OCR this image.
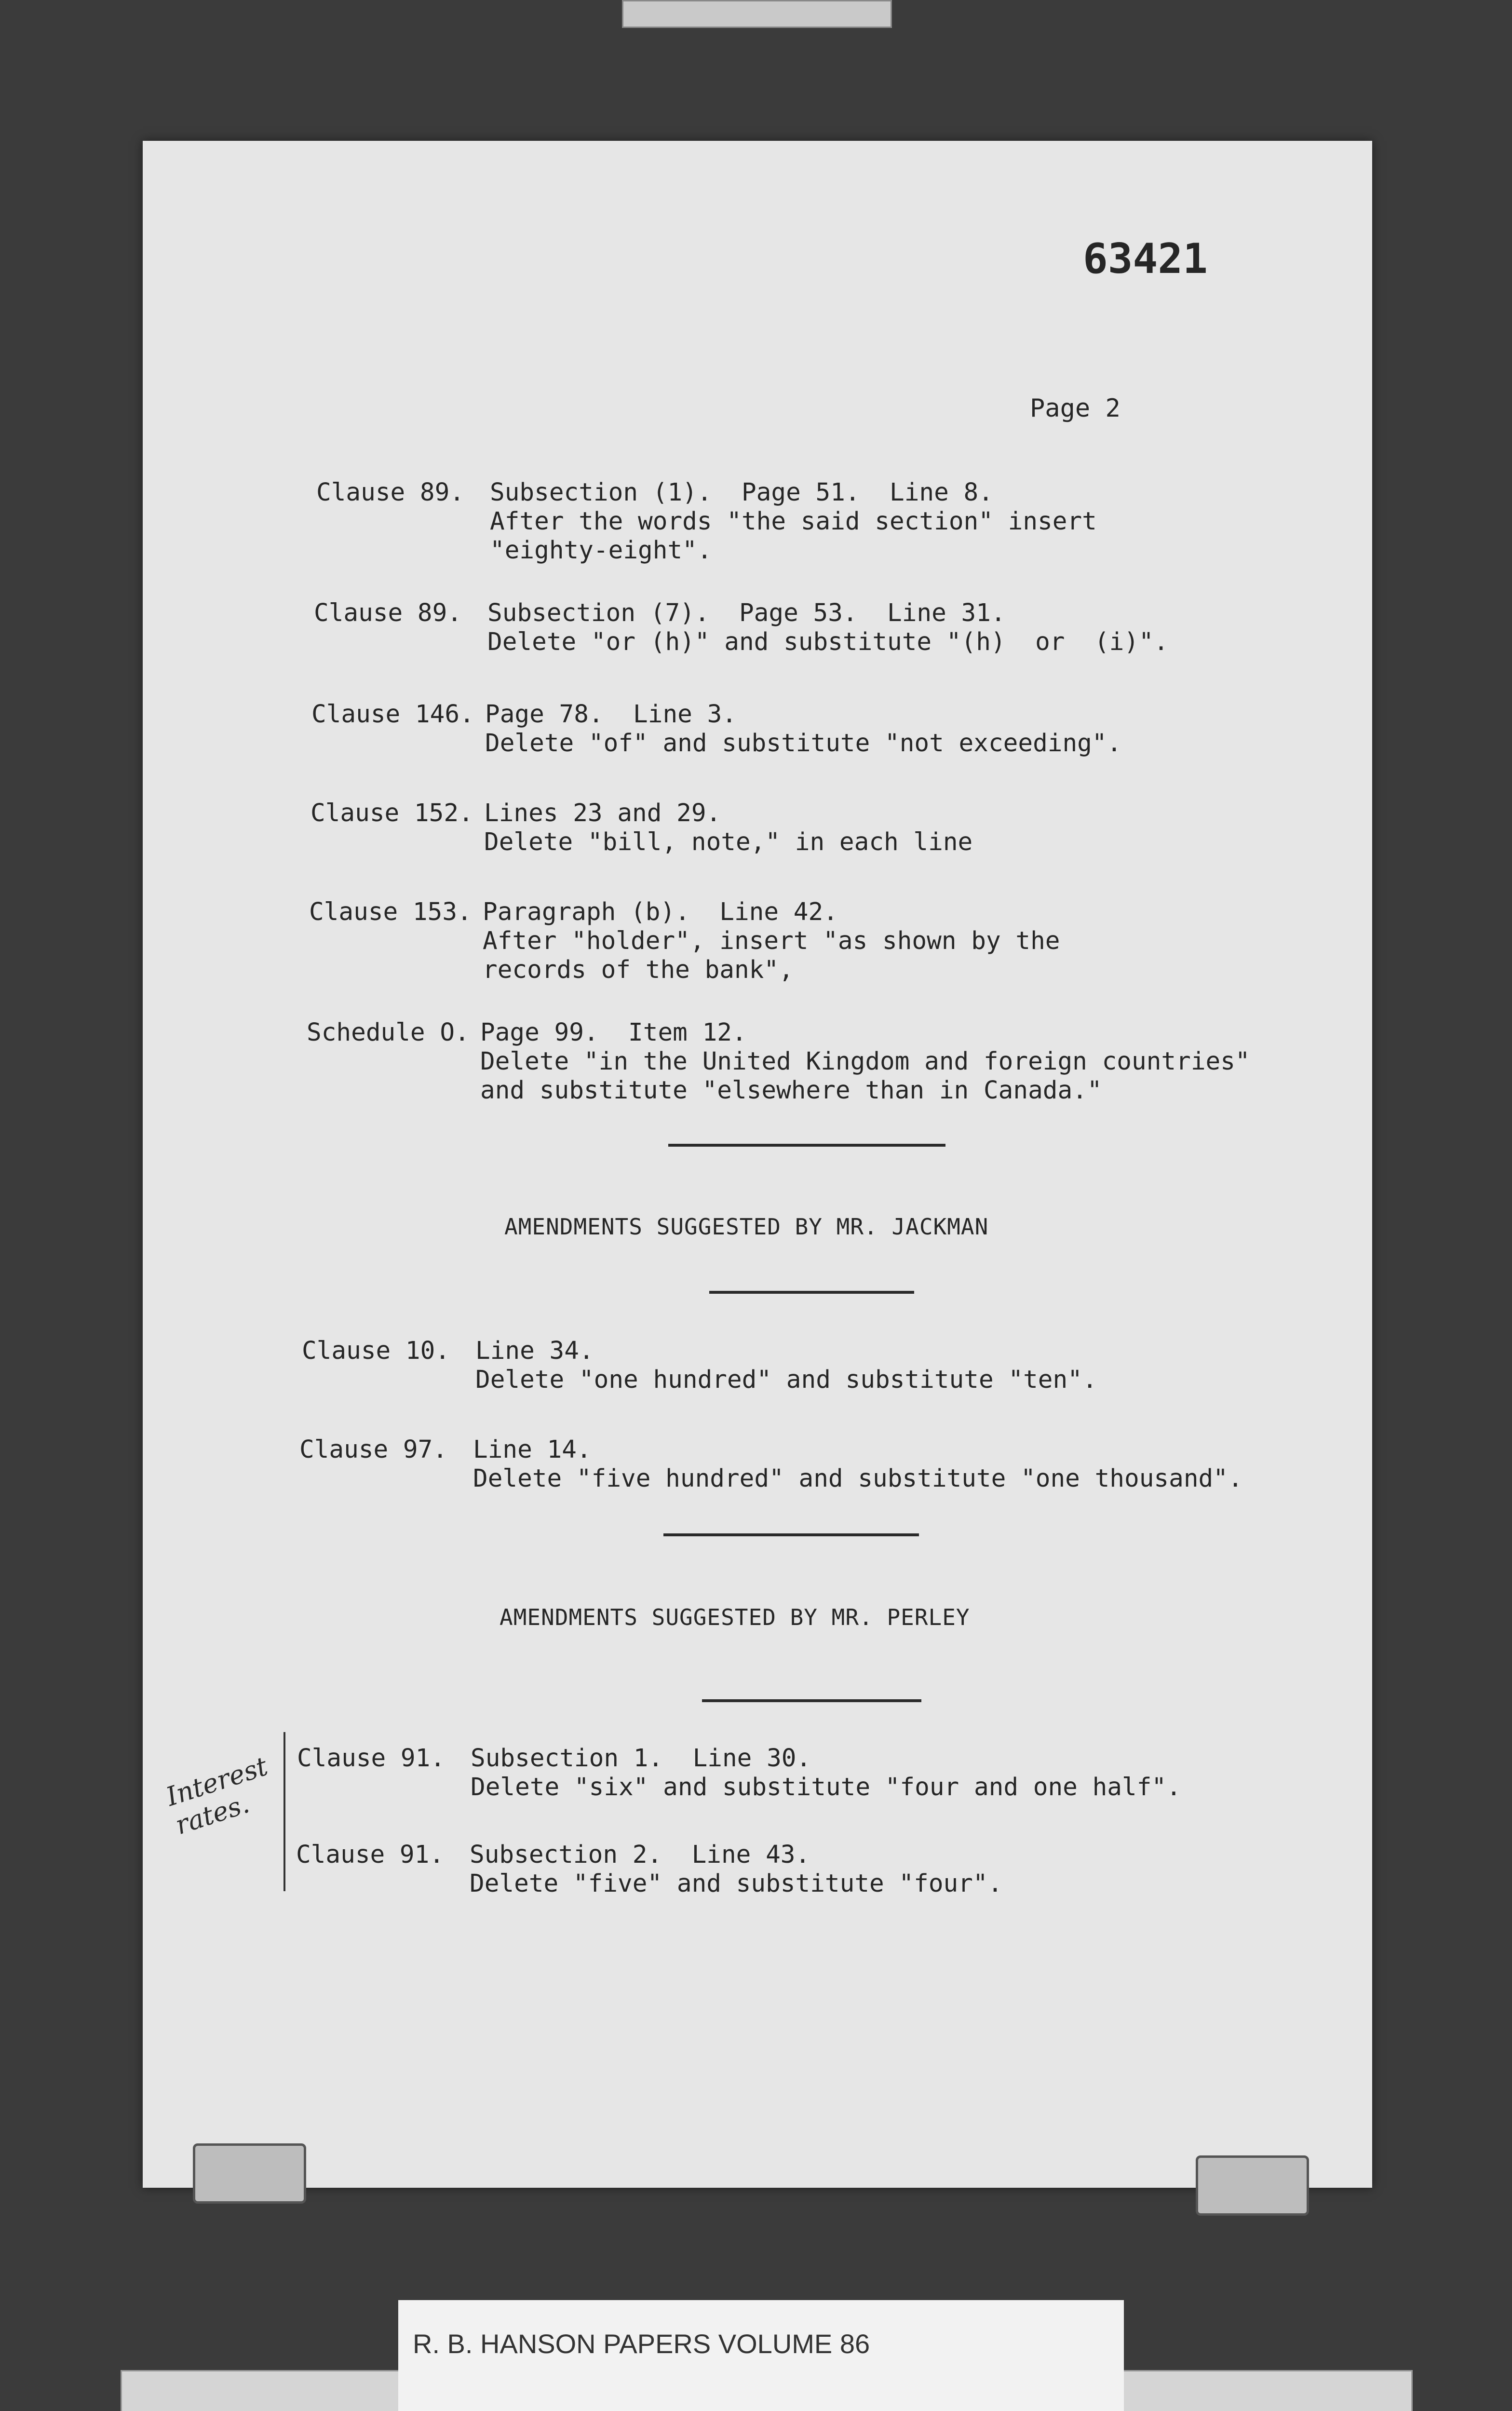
63421
Page 2
Clause 89. Subsection (1).  Page 51.  Line 8.
After the words "the said section" insert
"eighty-eight".
Clause 89. Subsection (7).  Page 53.  Line 31.
Delete "or (h)" and substitute "(h)  or  (i)".
Clause 146. Page 78.  Line 3.
Delete "of" and substitute "not exceeding".
Clause 152. Lines 23 and 29.
Delete "bill, note," in each line
Clause 153. Paragraph (b).  Line 42.
After "holder", insert "as shown by the
records of the bank",
Schedule O. Page 99.  Item 12.
Delete "in the United Kingdom and foreign countries"
and substitute "elsewhere than in Canada."
AMENDMENTS SUGGESTED BY MR. JACKMAN
Clause 10. Line 34.
Delete "one hundred" and substitute "ten".
Clause 97. Line 14.
Delete "five hundred" and substitute "one thousand".
AMENDMENTS SUGGESTED BY MR. PERLEY
Interest rates.
Clause 91. Subsection 1.  Line 30.
Delete "six" and substitute "four and one half".
Clause 91. Subsection 2.  Line 43.
Delete "five" and substitute "four".
R. B. HANSON PAPERS VOLUME 86
